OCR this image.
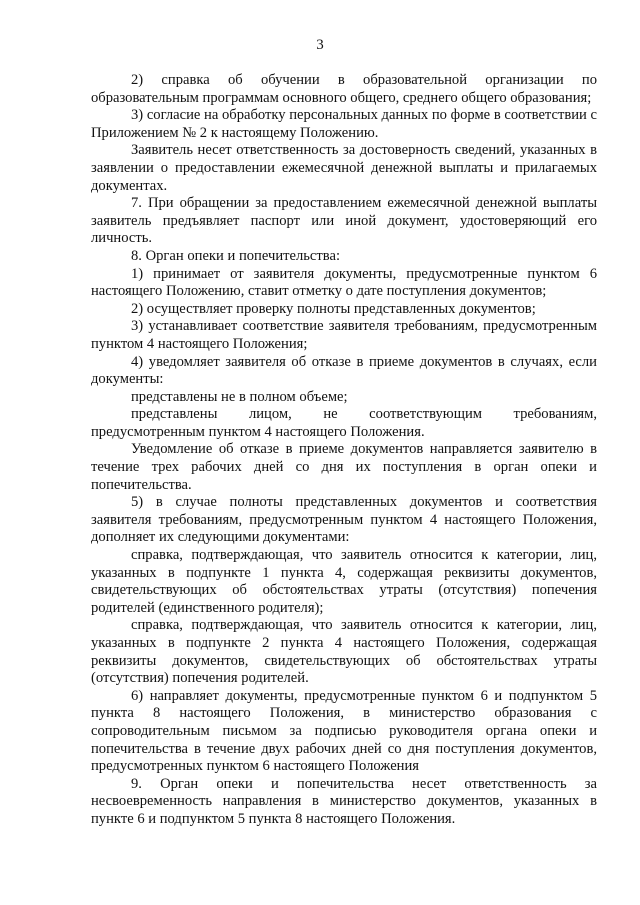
3

2) справка об обучении в образовательной организации по образовательным программам основного общего, среднего общего образования;

3) согласие на обработку персональных данных по форме в соответствии с Приложением № 2 к настоящему Положению.

Заявитель несет ответственность за достоверность сведений, указанных в заявлении о предоставлении ежемесячной денежной выплаты и прилагаемых документах.

7. При обращении за предоставлением ежемесячной денежной выплаты заявитель предъявляет паспорт или иной документ, удостоверяющий его личность.

8. Орган опеки и попечительства:

1) принимает от заявителя документы, предусмотренные пунктом 6 настоящего Положению, ставит отметку о дате поступления документов;

2) осуществляет проверку полноты представленных документов;

3) устанавливает соответствие заявителя требованиям, предусмотренным пунктом 4 настоящего Положения;

4) уведомляет заявителя об отказе в приеме документов в случаях, если документы:

представлены не в полном объеме;

представлены лицом, не соответствующим требованиям, предусмотренным пунктом 4 настоящего Положения.

Уведомление об отказе в приеме документов направляется заявителю в течение трех рабочих дней со дня их поступления в орган опеки и попечительства.

5) в случае полноты представленных документов и соответствия заявителя требованиям, предусмотренным пунктом 4 настоящего Положения, дополняет их следующими документами:

справка, подтверждающая, что заявитель относится к категории, лиц, указанных в подпункте 1 пункта 4, содержащая реквизиты документов, свидетельствующих об обстоятельствах утраты (отсутствия) попечения родителей (единственного родителя);

справка, подтверждающая, что заявитель относится к категории, лиц, указанных в подпункте 2 пункта 4 настоящего Положения, содержащая реквизиты документов, свидетельствующих об обстоятельствах утраты (отсутствия) попечения родителей.

6) направляет документы, предусмотренные пунктом 6 и подпунктом 5 пункта 8 настоящего Положения, в министерство образования с сопроводительным письмом за подписью руководителя органа опеки и попечительства в течение двух рабочих дней со дня поступления документов, предусмотренных пунктом 6 настоящего Положения

9. Орган опеки и попечительства несет ответственность за несвоевременность направления в министерство документов, указанных в пункте 6 и подпунктом 5 пункта 8 настоящего Положения.
